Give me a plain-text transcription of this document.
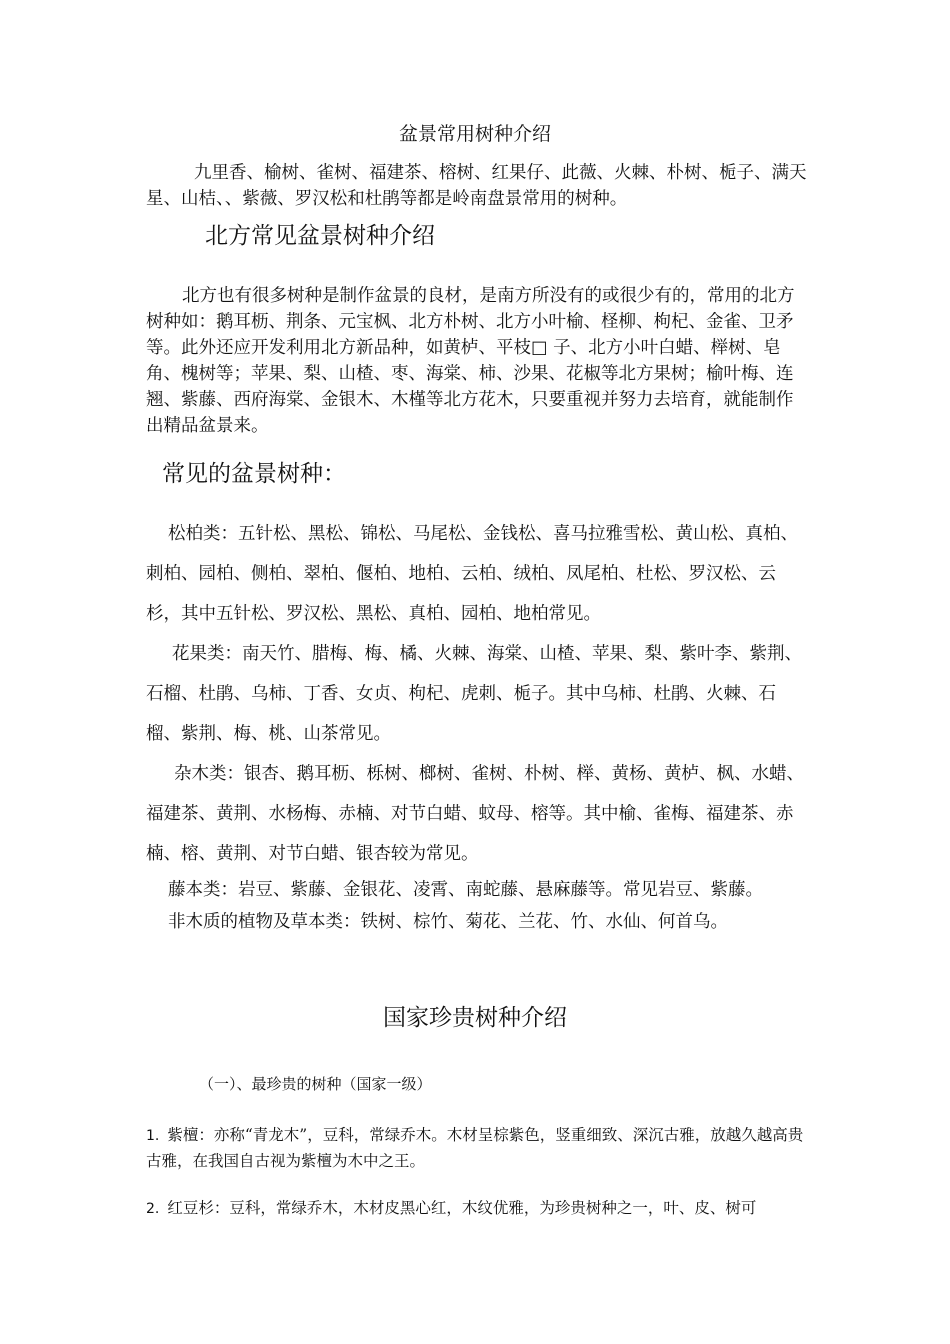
盆景常用树种介绍
九里香、榆树、雀树、福建茶、榕树、红果仔、此薇、火棘、朴树、栀子、满天星、山桔、、紫薇、罗汉松和杜鹃等都是岭南盘景常用的树种。
北方常见盆景树种介绍
北方也有很多树种是制作盆景的良材，是南方所没有的或很少有的，常用的北方树种如：鹅耳枥、荆条、元宝枫、北方朴树、北方小叶榆、柽柳、枸杞、金雀、卫矛等。此外还应开发利用北方新品种，如黄栌、平枝□ 子、北方小叶白蜡、榉树、皂角、槐树等；苹果、梨、山楂、枣、海棠、柿、沙果、花椒等北方果树；榆叶梅、连翘、紫藤、西府海棠、金银木、木槿等北方花木，只要重视并努力去培育，就能制作出精品盆景来。
常见的盆景树种：

松柏类：五针松、黑松、锦松、马尾松、金钱松、喜马拉雅雪松、黄山松、真柏、刺柏、园柏、侧柏、翠柏、偃柏、地柏、云柏、绒柏、凤尾柏、杜松、罗汉松、云杉，其中五针松、罗汉松、黑松、真柏、园柏、地柏常见。

花果类：南天竹、腊梅、梅、橘、火棘、海棠、山楂、苹果、梨、紫叶李、紫荆、石榴、杜鹃、乌柿、丁香、女贞、枸杞、虎刺、栀子。其中乌柿、杜鹃、火棘、石榴、紫荆、梅、桃、山茶常见。

杂木类：银杏、鹅耳枥、栎树、榔树、雀树、朴树、榉、黄杨、黄栌、枫、水蜡、福建茶、黄荆、水杨梅、赤楠、对节白蜡、蚊母、榕等。其中榆、雀梅、福建茶、赤楠、榕、黄荆、对节白蜡、银杏较为常见。

藤本类：岩豆、紫藤、金银花、凌霄、南蛇藤、悬麻藤等。常见岩豆、紫藤。

非木质的植物及草本类：铁树、棕竹、菊花、兰花、竹、水仙、何首乌。

国家珍贵树种介绍
（一）、最珍贵的树种（国家一级）
1. 紫檀：亦称“青龙木”，豆科，常绿乔木。木材呈棕紫色，竖重细致、深沉古雅，放越久越高贵古雅，在我国自古视为紫檀为木中之王。
2. 红豆杉：豆科，常绿乔木，木材皮黑心红，木纹优雅，为珍贵树种之一，叶、皮、树可
